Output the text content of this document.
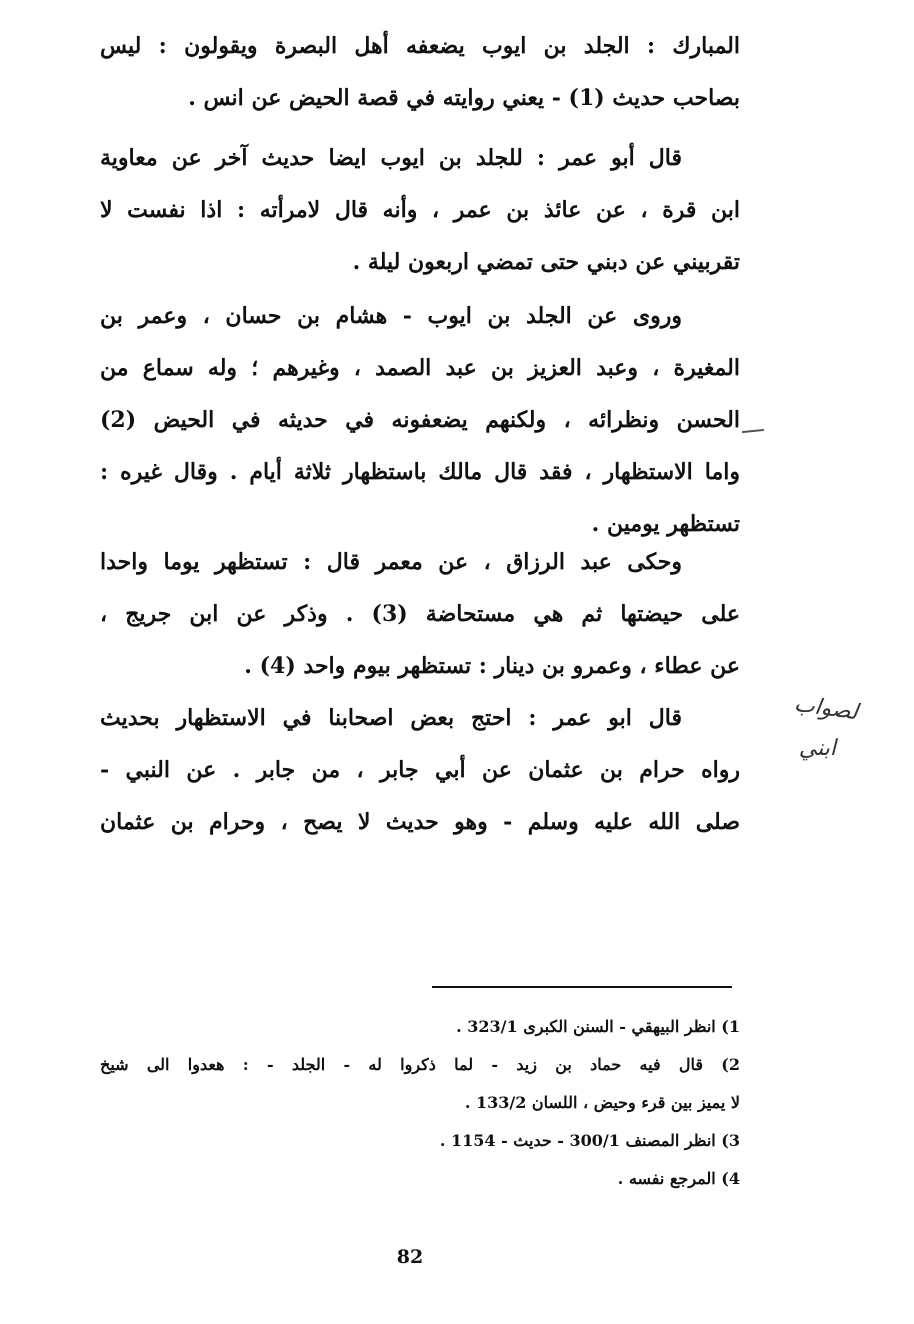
المبارك : الجلد بن ايوب يضعفه أهل البصرة ويقولون : ليس
بصاحب حديث (1) - يعني روايته في قصة الحيض عن انس .
قال أبو عمر : للجلد بن ايوب ايضا حديث آخر عن معاوية
ابن قرة ، عن عائذ بن عمر ، وأنه قال لامرأته : اذا نفست لا
تقربيني عن دبني حتى تمضي اربعون ليلة .
وروى عن الجلد بن ايوب - هشام بن حسان ، وعمر بن
المغيرة ، وعبد العزيز بن عبد الصمد ، وغيرهم ؛ وله سماع من
الحسن ونظرائه ، ولكنهم يضعفونه في حديثه في الحيض (2)
واما الاستظهار ، فقد قال مالك باستظهار ثلاثة أيام . وقال غيره :
تستظهر يومين .
وحكى عبد الرزاق ، عن معمر قال : تستظهر يوما واحدا
على حيضتها ثم هي مستحاضة (3) . وذكر عن ابن جريج ،
عن عطاء ، وعمرو بن دينار : تستظهر بيوم واحد (4) .
قال ابو عمر : احتج بعض اصحابنا في الاستظهار بحديث
رواه حرام بن عثمان عن أبي جابر ، من جابر . عن النبي -
صلى الله عليه وسلم - وهو حديث لا يصح ، وحرام بن عثمان
لصواب
ابني
1) انظر البيهقي - السنن الكبرى 323/1 .
2) قال فيه حماد بن زيد - لما ذكروا له - الجلد - : هعدوا الى شيخ
لا يميز بين قرء وحيض ، اللسان 133/2 .
3) انظر المصنف 300/1 - حديث - 1154 .
4) المرجع نفسه .
82
